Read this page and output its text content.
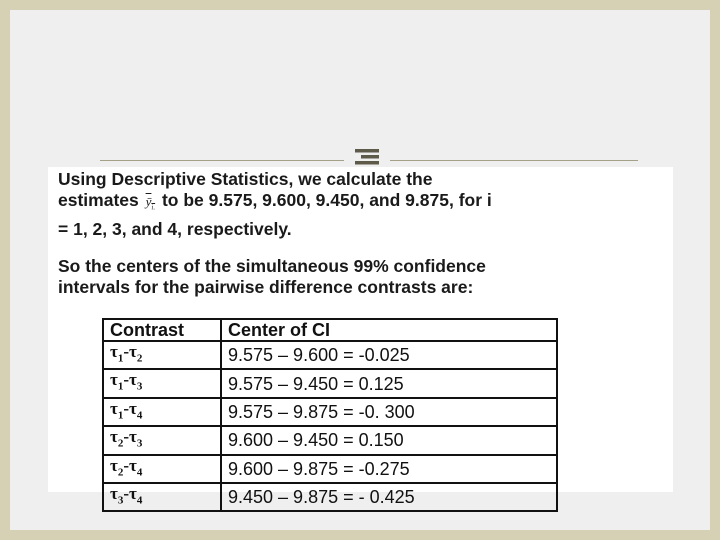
Using Descriptive Statistics, we calculate the
estimates $ȳ_{i.}$ to be 9.575, 9.600, 9.450, and 9.875, for i
= 1, 2, 3, and 4, respectively.

So the centers of the simultaneous 99% confidence
intervals for the pairwise difference contrasts are:

Contrast	Center of CI
$\tau_1-\tau_2$	9.575 – 9.600 = -0.025
$\tau_1-\tau_3$	9.575 – 9.450 = 0.125
$\tau_1-\tau_4$	9.575 – 9.875 = -0. 300
$\tau_2-\tau_3$	9.600 – 9.450 = 0.150
$\tau_2-\tau_4$	9.600 – 9.875 = -0.275
$\tau_3-\tau_4$	9.450 – 9.875 = - 0.425
